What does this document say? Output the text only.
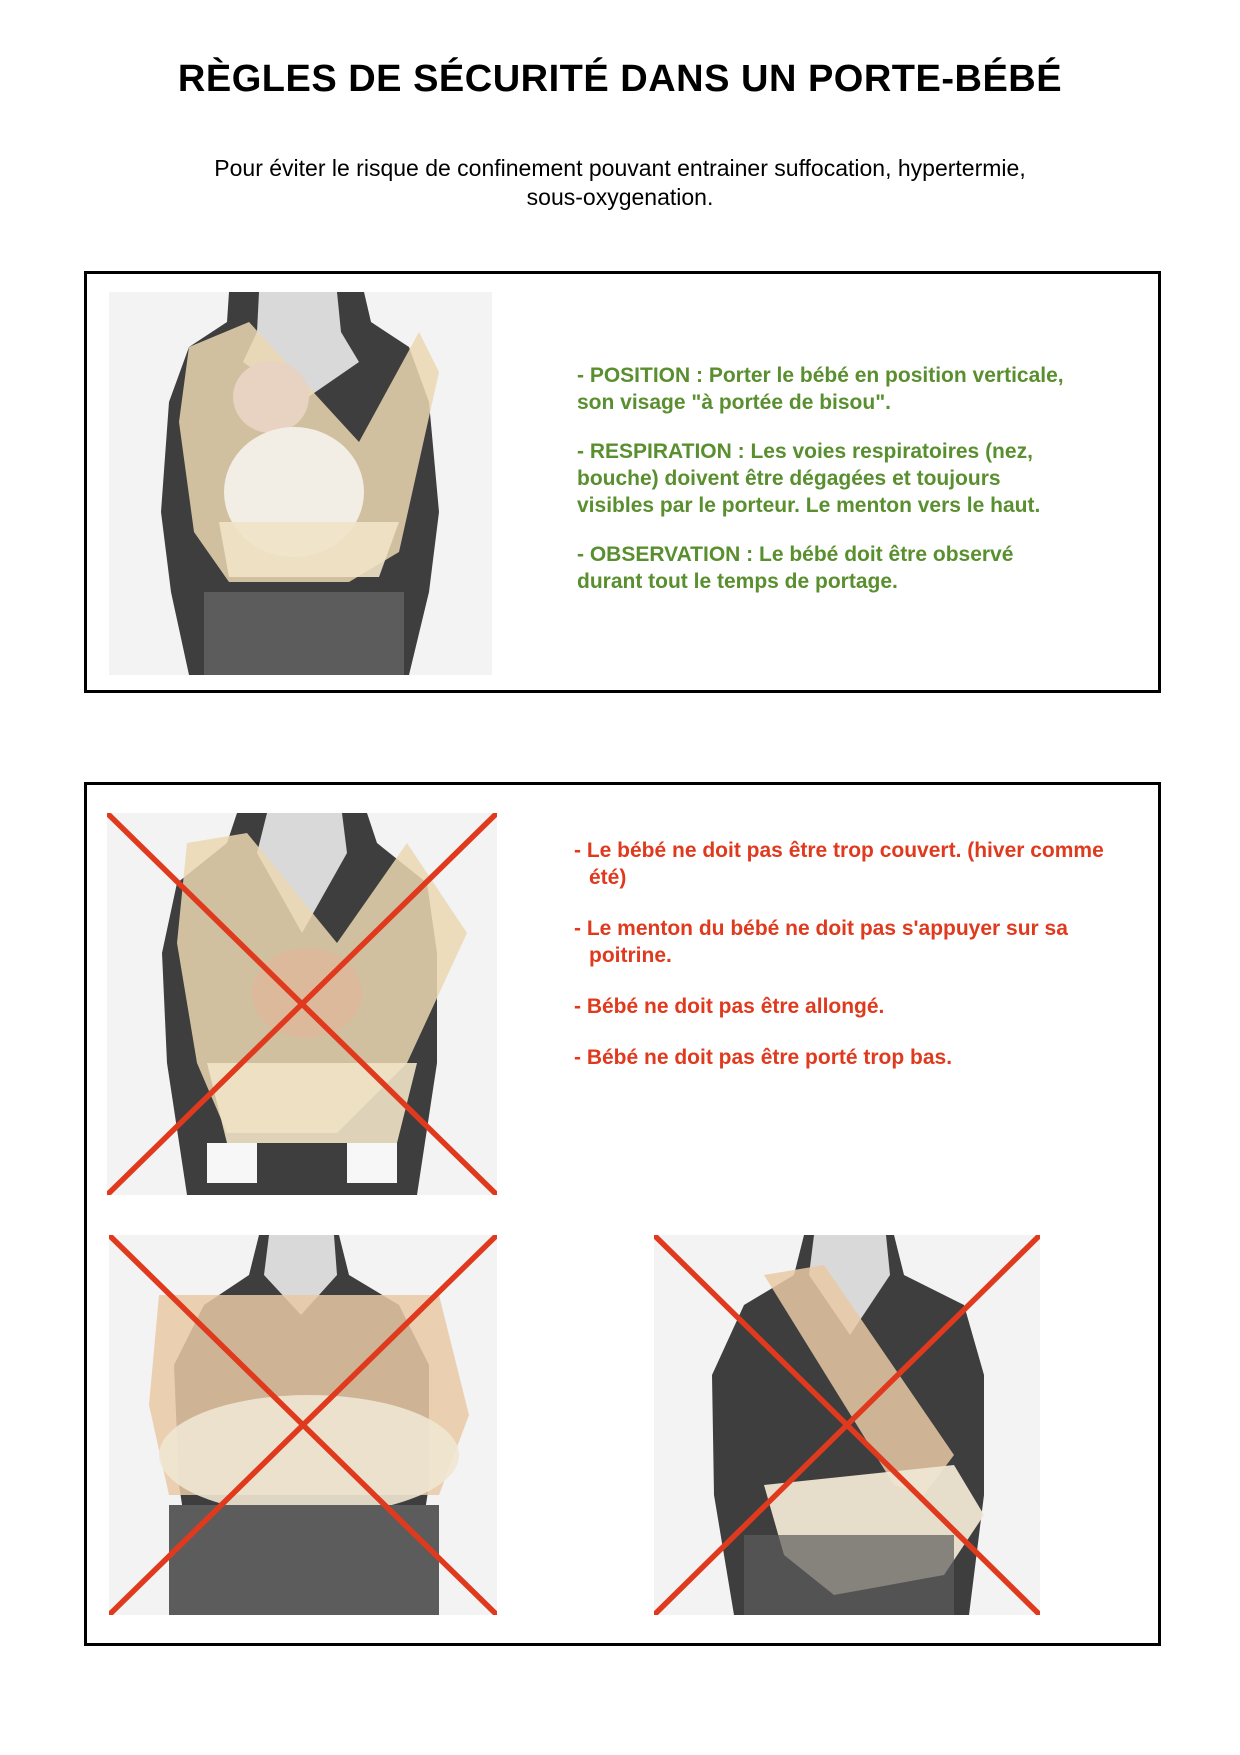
RÈGLES DE SÉCURITÉ DANS UN PORTE-BÉBÉ
Pour éviter le risque de confinement pouvant entrainer suffocation, hypertermie,
sous-oxygenation.

- POSITION : Porter le bébé en position verticale,
son visage "à portée de bisou".

- RESPIRATION : Les voies respiratoires (nez,
bouche) doivent être dégagées et toujours
visibles par le porteur. Le menton vers le haut.

- OBSERVATION : Le bébé doit être observé
durant tout le temps de portage.

- Le bébé ne doit pas être trop couvert. (hiver comme été)

- Le menton du bébé ne doit pas s'appuyer sur sa poitrine.

- Bébé ne doit pas être allongé.

- Bébé ne doit pas être porté trop bas.
